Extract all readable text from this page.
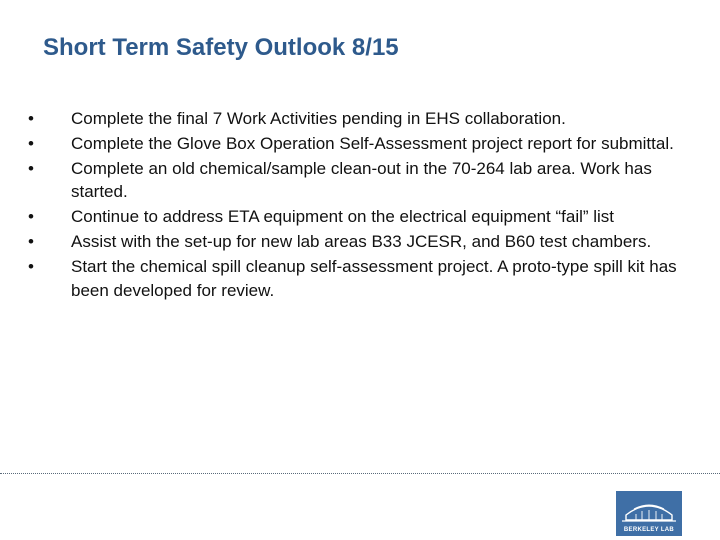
Short Term Safety Outlook 8/15
•	Complete the final 7 Work Activities pending in EHS collaboration.
•	Complete the Glove Box Operation Self-Assessment project report for submittal.
•	Complete an old chemical/sample clean-out in the 70-264 lab area. Work has started.
•	Continue to address ETA equipment on the electrical equipment “fail” list
•	Assist with the set-up for new lab areas B33 JCESR, and B60 test chambers.
•	Start the chemical spill cleanup self-assessment project. A proto-type spill kit has been developed for review.
BERKELEY LAB
